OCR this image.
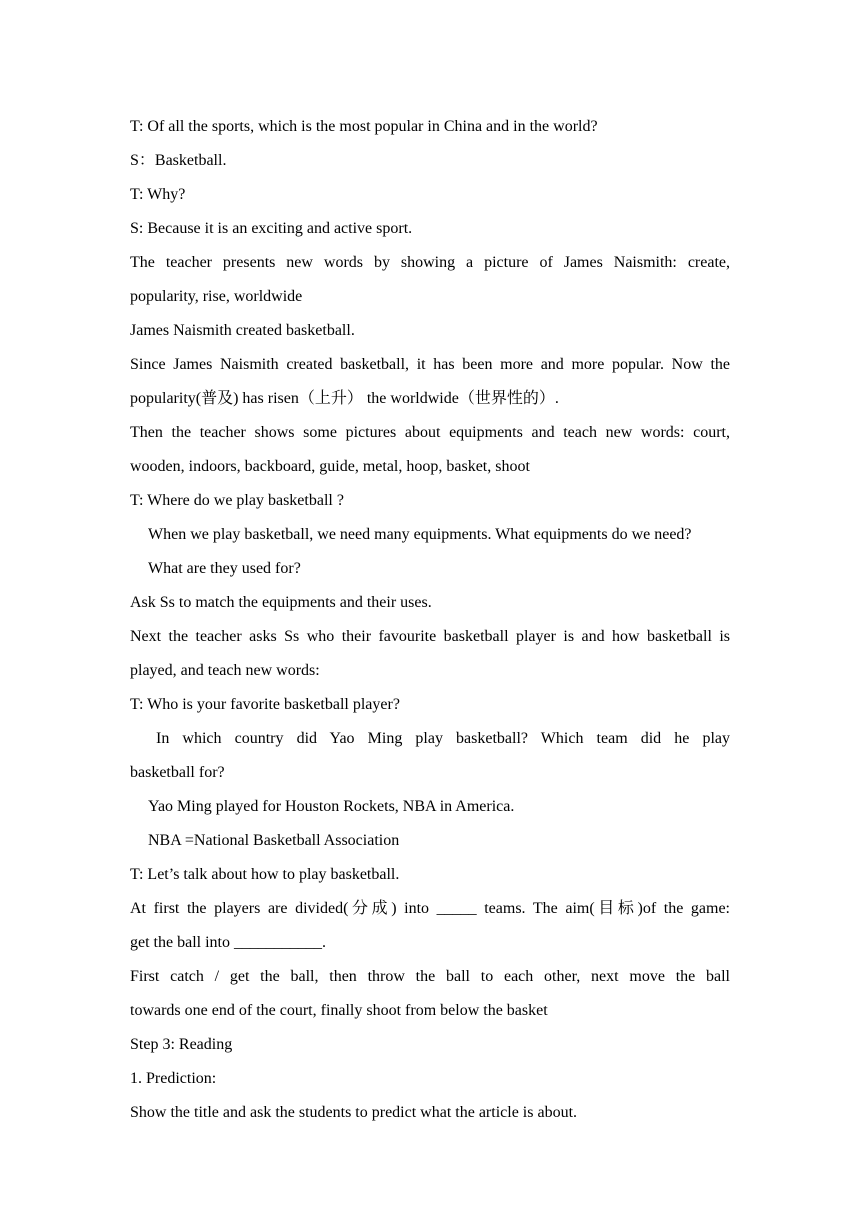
T: Of all the sports, which is the most popular in China and in the world?
S：Basketball.
T: Why?
S: Because it is an exciting and active sport.
The teacher presents new words by showing a picture of James Naismith: create,
popularity, rise, worldwide
James Naismith created basketball.
Since James Naismith created basketball, it has been more and more popular. Now the
popularity(普及) has risen（上升） the worldwide（世界性的）.
Then the teacher shows some pictures about equipments and teach new words: court,
wooden, indoors, backboard, guide, metal, hoop, basket, shoot
T: Where do we play basketball ?
When we play basketball, we need many equipments. What equipments do we need?
What are they used for?
Ask Ss to match the equipments and their uses.
Next the teacher asks Ss who their favourite basketball player is and how basketball is
played, and teach new words:
T: Who is your favorite basketball player?
In which country did Yao Ming play basketball? Which team did he play
basketball for?
Yao Ming played for Houston Rockets, NBA in America.
NBA =National Basketball Association
T: Let’s talk about how to play basketball.
At first the players are divided(分成) into _____ teams. The aim(目标)of the game:
get the ball into ___________.
First catch / get the ball, then throw the ball to each other, next move the ball
towards one end of the court, finally shoot from below the basket
Step 3: Reading
1. Prediction:
Show the title and ask the students to predict what the article is about.
